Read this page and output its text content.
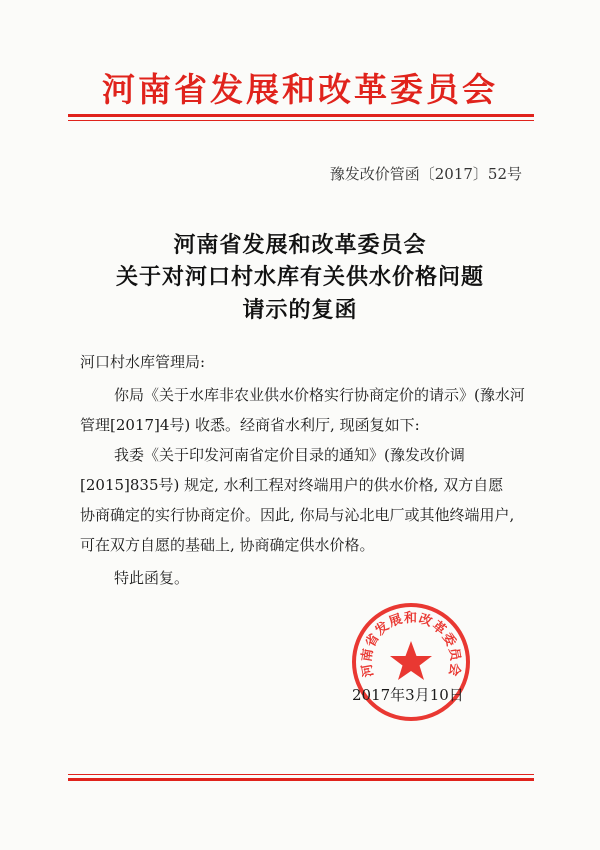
河南省发展和改革委员会
豫发改价管函〔2017〕52号
河南省发展和改革委员会
关于对河口村水库有关供水价格问题
请示的复函
河口村水库管理局:
你局《关于水库非农业供水价格实行协商定价的请示》(豫水河
管理[2017]4号) 收悉。经商省水利厅, 现函复如下:
我委《关于印发河南省定价目录的通知》(豫发改价调
[2015]835号) 规定, 水利工程对终端用户的供水价格, 双方自愿
协商确定的实行协商定价。因此, 你局与沁北电厂或其他终端用户,
可在双方自愿的基础上, 协商确定供水价格。
特此函复。
河南省发展和改革委员会
2017年3月10日
